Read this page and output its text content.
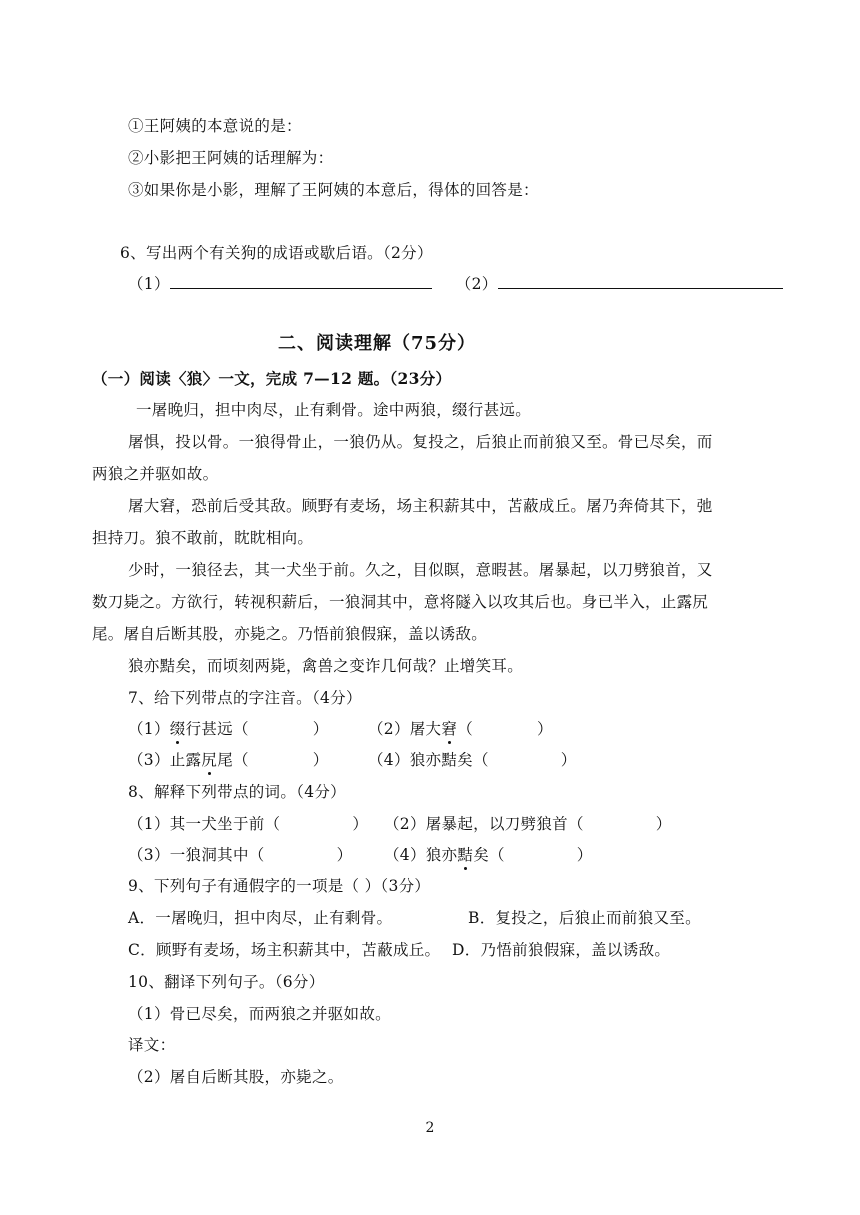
①王阿姨的本意说的是：
②小影把王阿姨的话理解为：
③如果你是小影，理解了王阿姨的本意后，得体的回答是：
6、写出两个有关狗的成语或歇后语。（2分）
（1）	（2）
二、阅读理解（75分）
（一）阅读〈狼〉一文，完成 7—12 题。（23分）
一屠晚归，担中肉尽，止有剩骨。途中两狼，缀行甚远。
屠惧，投以骨。一狼得骨止，一狼仍从。复投之，后狼止而前狼又至。骨已尽矣，而
两狼之并驱如故。
屠大窘，恐前后受其敌。顾野有麦场，场主积薪其中，苫蔽成丘。屠乃奔倚其下，弛
担持刀。狼不敢前，眈眈相向。
少时，一狼径去，其一犬坐于前。久之，目似瞑，意暇甚。屠暴起，以刀劈狼首，又
数刀毙之。方欲行，转视积薪后，一狼洞其中，意将隧入以攻其后也。身已半入，止露尻
尾。屠自后断其股，亦毙之。乃悟前狼假寐，盖以诱敌。
狼亦黠矣，而顷刻两毙，禽兽之变诈几何哉？止增笑耳。
7、给下列带点的字注音。（4分）
（1）缀行甚远（	）	（2）屠大窘（	）
（3）止露尻尾（	）	（4）狼亦黠矣（	）
8、解释下列带点的词。（4分）
（1）其一犬坐于前（	） （2）屠暴起，以刀劈狼首（	）
（3）一狼洞其中（	） （4）狼亦黠矣（	）
9、下列句子有通假字的一项是（ ）（3分）
A．一屠晚归，担中肉尽，止有剩骨。	B．复投之，后狼止而前狼又至。
C．顾野有麦场，场主积薪其中，苫蔽成丘。 D．乃悟前狼假寐，盖以诱敌。
10、翻译下列句子。（6分）
（1）骨已尽矣，而两狼之并驱如故。
译文：
（2）屠自后断其股，亦毙之。
2
